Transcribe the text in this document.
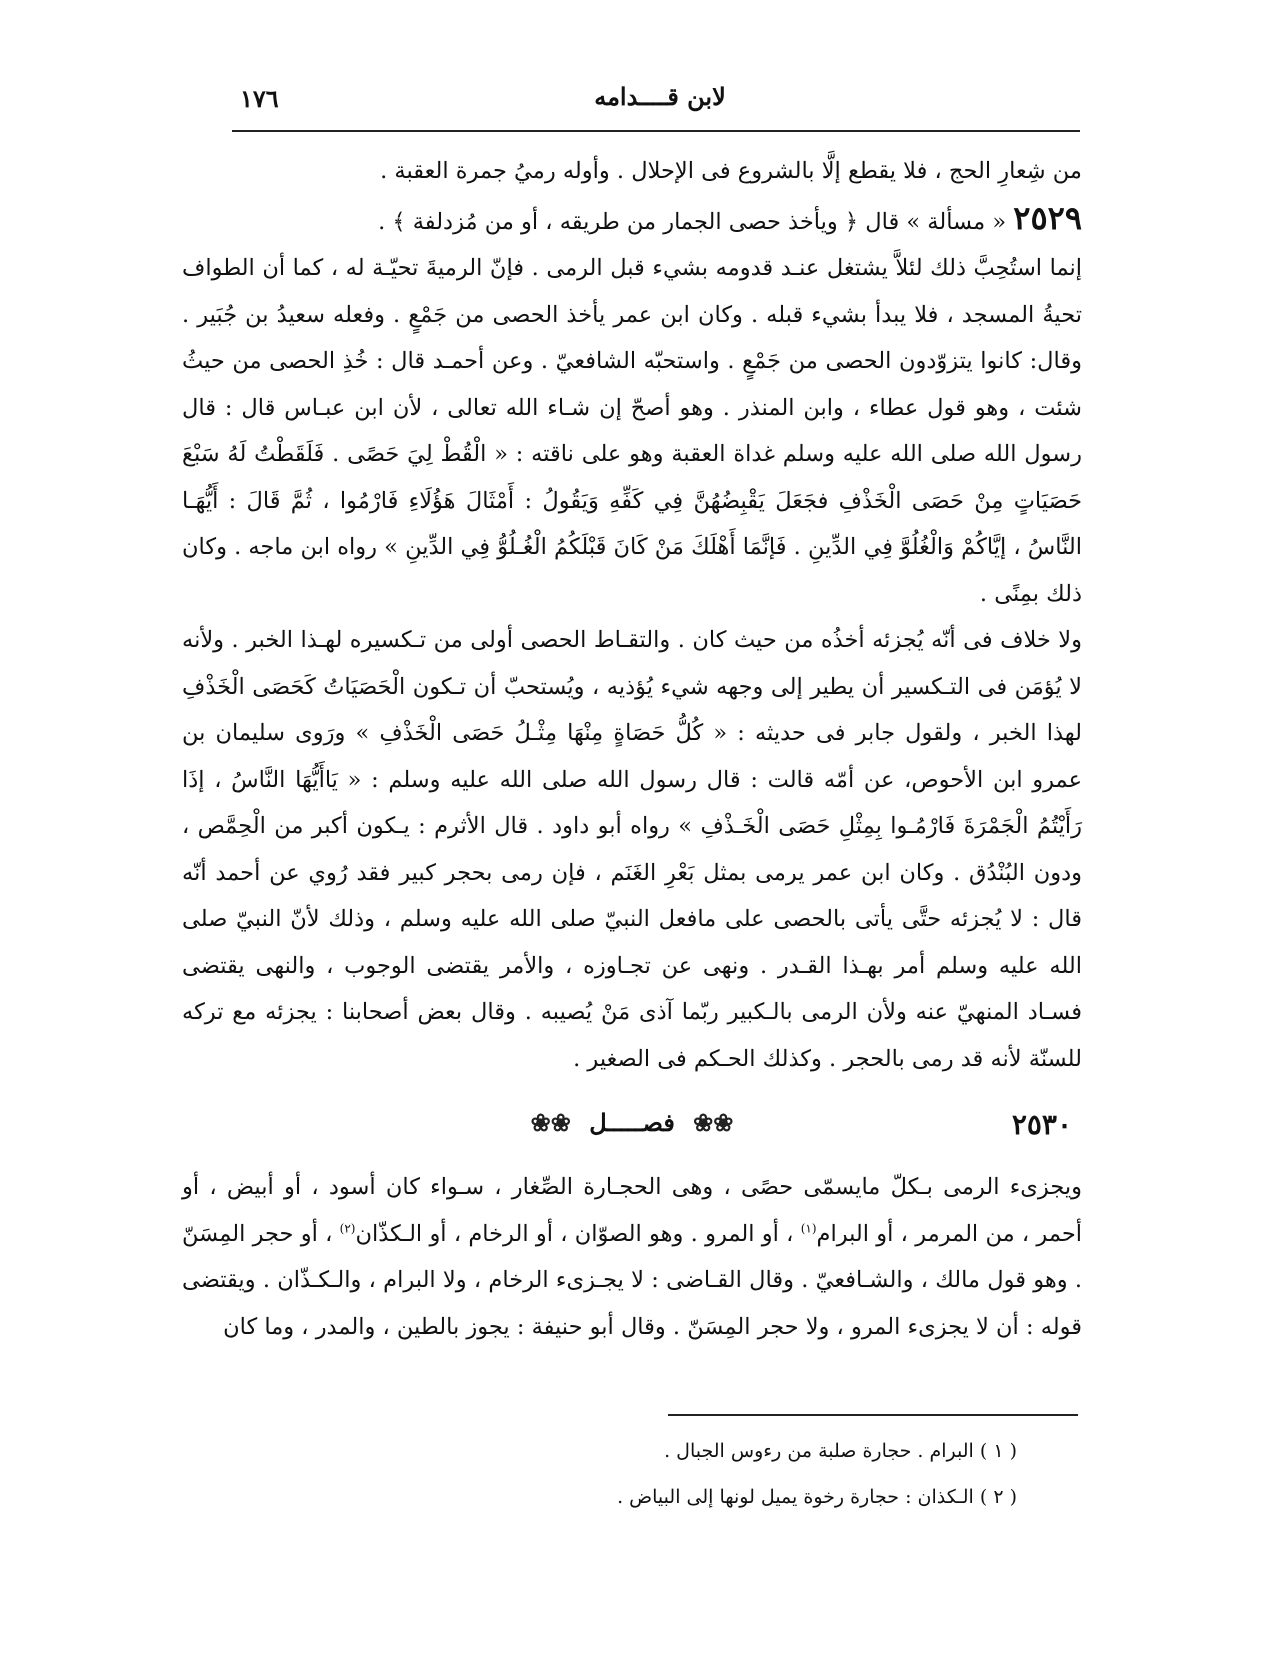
١٧٦	لابن قــــدامه

من شِعارِ الحج ، فلا يقطع إلَّا بالشروع فى الإحلال . وأوله رميُ جمرة العقبة .

٢٥٢٩ « مسألة » قال ﴿ ويأخذ حصى الجمار من طريقه ، أو من مُزدلفة ﴾ .

إنما استُحِبَّ ذلك لئلاَّ يشتغل عنـد قدومه بشيء قبل الرمى . فإنّ الرميةَ تحيّـة له ، كما أن الطواف تحيةُ المسجد ، فلا يبدأ بشيء قبله . وكان ابن عمر يأخذ الحصى من جَمْعٍ . وفعله سعيدُ بن جُبَير . وقال: كانوا يتزوّدون الحصى من جَمْعٍ . واستحبّه الشافعيّ . وعن أحمـد قال : خُذِ الحصى من حيثُ شئت ، وهو قول عطاء ، وابن المنذر . وهو أصحّ إن شـاء الله تعالى ، لأن ابن عبـاس قال : قال رسول الله صلى الله عليه وسلم غداة العقبة وهو على ناقته : « الْقُطْ لِيَ حَصًى . فَلَقَطْتُ لَهُ سَبْعَ حَصَيَاتٍ مِنْ حَصَى الْخَذْفِ فجَعَلَ يَقْبِضُهُنَّ فِي كَفِّهِ وَيَقُولُ : أَمْثَالَ هَؤُلَاءِ فَارْمُوا ، ثُمَّ قَالَ : أَيُّهَـا النَّاسُ ، إيَّاكُمْ وَالْغُلُوَّ فِي الدِّينِ . فَإنَّمَا أَهْلَكَ مَنْ كَانَ قَبْلَكُمُ الْغُـلُوُّ فِي الدِّينِ » رواه ابن ماجه . وكان ذلك بمِنًى .

ولا خلاف فى أنّه يُجزئه أخذُه من حيث كان . والتقـاط الحصى أولى من تـكسيره لهـذا الخبر . ولأنه لا يُؤمَن فى التـكسير أن يطير إلى وجهه شيء يُؤذيه ، ويُستحبّ أن تـكون الْحَصَيَاتُ كَحَصَى الْخَذْفِ لهذا الخبر ، ولقول جابر فى حديثه : « كُلُّ حَصَاةٍ مِنْهَا مِثْـلُ حَصَى الْخَذْفِ » ورَوى سليمان بن عمرو ابن الأحوص، عن أمّه قالت : قال رسول الله صلى الله عليه وسلم : « يَاأَيُّهَا النَّاسُ ، إذَا رَأَيْتُمُ الْجَمْرَةَ فَارْمُـوا بِمِثْلِ حَصَى الْخَـذْفِ » رواه أبو داود . قال الأثرم : يـكون أكبر من الْحِمَّص ، ودون البُنْدُق . وكان ابن عمر يرمى بمثل بَعْرِ الغَنَم ، فإن رمى بحجر كبير فقد رُوي عن أحمد أنّه قال : لا يُجزئه حتَّى يأتى بالحصى على مافعل النبيّ صلى الله عليه وسلم ، وذلك لأنّ النبيّ صلى الله عليه وسلم أمر بهـذا القـدر . ونهى عن تجـاوزه ، والأمر يقتضى الوجوب ، والنهى يقتضى فسـاد المنهيّ عنه ولأن الرمى بالـكبير ربّما آذى مَنْ يُصيبه . وقال بعض أصحابنا : يجزئه مع تركه للسنّة لأنه قد رمى بالحجر . وكذلك الحـكم فى الصغير .

٢٥٣٠
❀❀ فصـــــل ❀❀

ويجزىء الرمى بـكلّ مايسمّى حصًى ، وهى الحجـارة الصِّغار ، سـواء كان أسود ، أو أبيض ، أو أحمر ، من المرمر ، أو البرام$^{(١)}$ ، أو المرو . وهو الصوّان ، أو الرخام ، أو الـكذّان$^{(٢)}$ ، أو حجر المِسَنّ . وهو قول مالك ، والشـافعيّ . وقال القـاضى : لا يجـزىء الرخام ، ولا البرام ، والـكـذّان . ويقتضى قوله : أن لا يجزىء المرو ، ولا حجر المِسَنّ . وقال أبو حنيفة : يجوز بالطين ، والمدر ، وما كان

( ١ ) البرام . حجارة صلبة من رءوس الجبال .
( ٢ ) الـكذان : حجارة رخوة يميل لونها إلى البياض .
